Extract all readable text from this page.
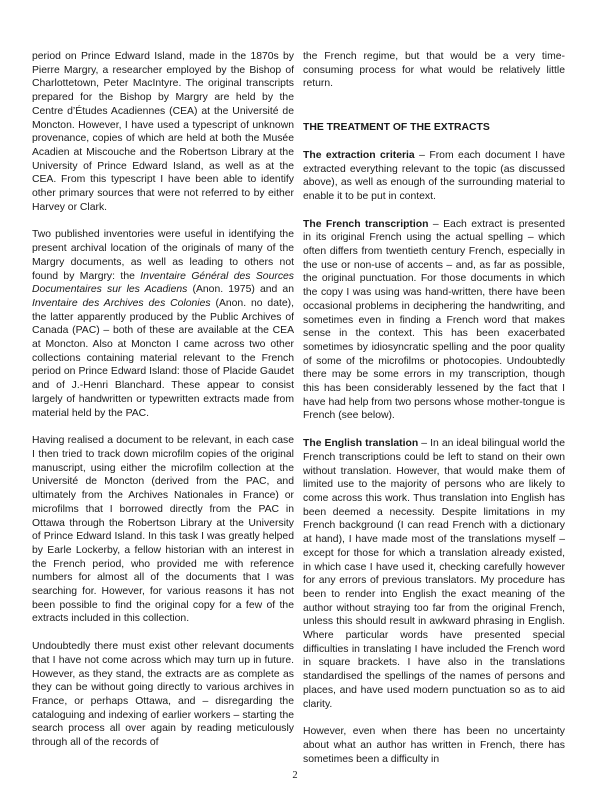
period on Prince Edward Island, made in the 1870s by Pierre Margry, a researcher employed by the Bishop of Charlottetown, Peter MacIntyre. The original transcripts prepared for the Bishop by Margry are held by the Centre d’Études Acadiennes (CEA) at the Université de Moncton. However, I have used a typescript of unknown provenance, copies of which are held at both the Musée Acadien at Miscouche and the Robertson Library at the University of Prince Edward Island, as well as at the CEA. From this typescript I have been able to identify other primary sources that were not referred to by either Harvey or Clark.

Two published inventories were useful in identifying the present archival location of the originals of many of the Margry documents, as well as leading to others not found by Margry: the Inventaire Général des Sources Documentaires sur les Acadiens (Anon. 1975) and an Inventaire des Archives des Colonies (Anon. no date), the latter apparently produced by the Public Archives of Canada (PAC) – both of these are available at the CEA at Moncton. Also at Moncton I came across two other collections containing material relevant to the French period on Prince Edward Island: those of Placide Gaudet and of J.-Henri Blanchard. These appear to consist largely of handwritten or typewritten extracts made from material held by the PAC.

Having realised a document to be relevant, in each case I then tried to track down microfilm copies of the original manuscript, using either the microfilm collection at the Université de Moncton (derived from the PAC, and ultimately from the Archives Nationales in France) or microfilms that I borrowed directly from the PAC in Ottawa through the Robertson Library at the University of Prince Edward Island. In this task I was greatly helped by Earle Lockerby, a fellow historian with an interest in the French period, who provided me with reference numbers for almost all of the documents that I was searching for. However, for various reasons it has not been possible to find the original copy for a few of the extracts included in this collection.

Undoubtedly there must exist other relevant documents that I have not come across which may turn up in future. However, as they stand, the extracts are as complete as they can be without going directly to various archives in France, or perhaps Ottawa, and – disregarding the cataloguing and indexing of earlier workers – starting the search process all over again by reading meticulously through all of the records of

the French regime, but that would be a very time-consuming process for what would be relatively little return.

THE TREATMENT OF THE EXTRACTS

The extraction criteria – From each document I have extracted everything relevant to the topic (as discussed above), as well as enough of the surrounding material to enable it to be put in context.

The French transcription – Each extract is presented in its original French using the actual spelling – which often differs from twentieth century French, especially in the use or non-use of accents – and, as far as possible, the original punctuation. For those documents in which the copy I was using was hand-written, there have been occasional problems in deciphering the handwriting, and sometimes even in finding a French word that makes sense in the context. This has been exacerbated sometimes by idiosyncratic spelling and the poor quality of some of the microfilms or photocopies. Undoubtedly there may be some errors in my transcription, though this has been considerably lessened by the fact that I have had help from two persons whose mother-tongue is French (see below).

The English translation – In an ideal bilingual world the French transcriptions could be left to stand on their own without translation. However, that would make them of limited use to the majority of persons who are likely to come across this work. Thus translation into English has been deemed a necessity. Despite limitations in my French background (I can read French with a dictionary at hand), I have made most of the translations myself – except for those for which a translation already existed, in which case I have used it, checking carefully however for any errors of previous translators. My procedure has been to render into English the exact meaning of the author without straying too far from the original French, unless this should result in awkward phrasing in English. Where particular words have presented special difficulties in translating I have included the French word in square brackets. I have also in the translations standardised the spellings of the names of persons and places, and have used modern punctuation so as to aid clarity.

However, even when there has been no uncertainty about what an author has written in French, there has sometimes been a difficulty in

2
